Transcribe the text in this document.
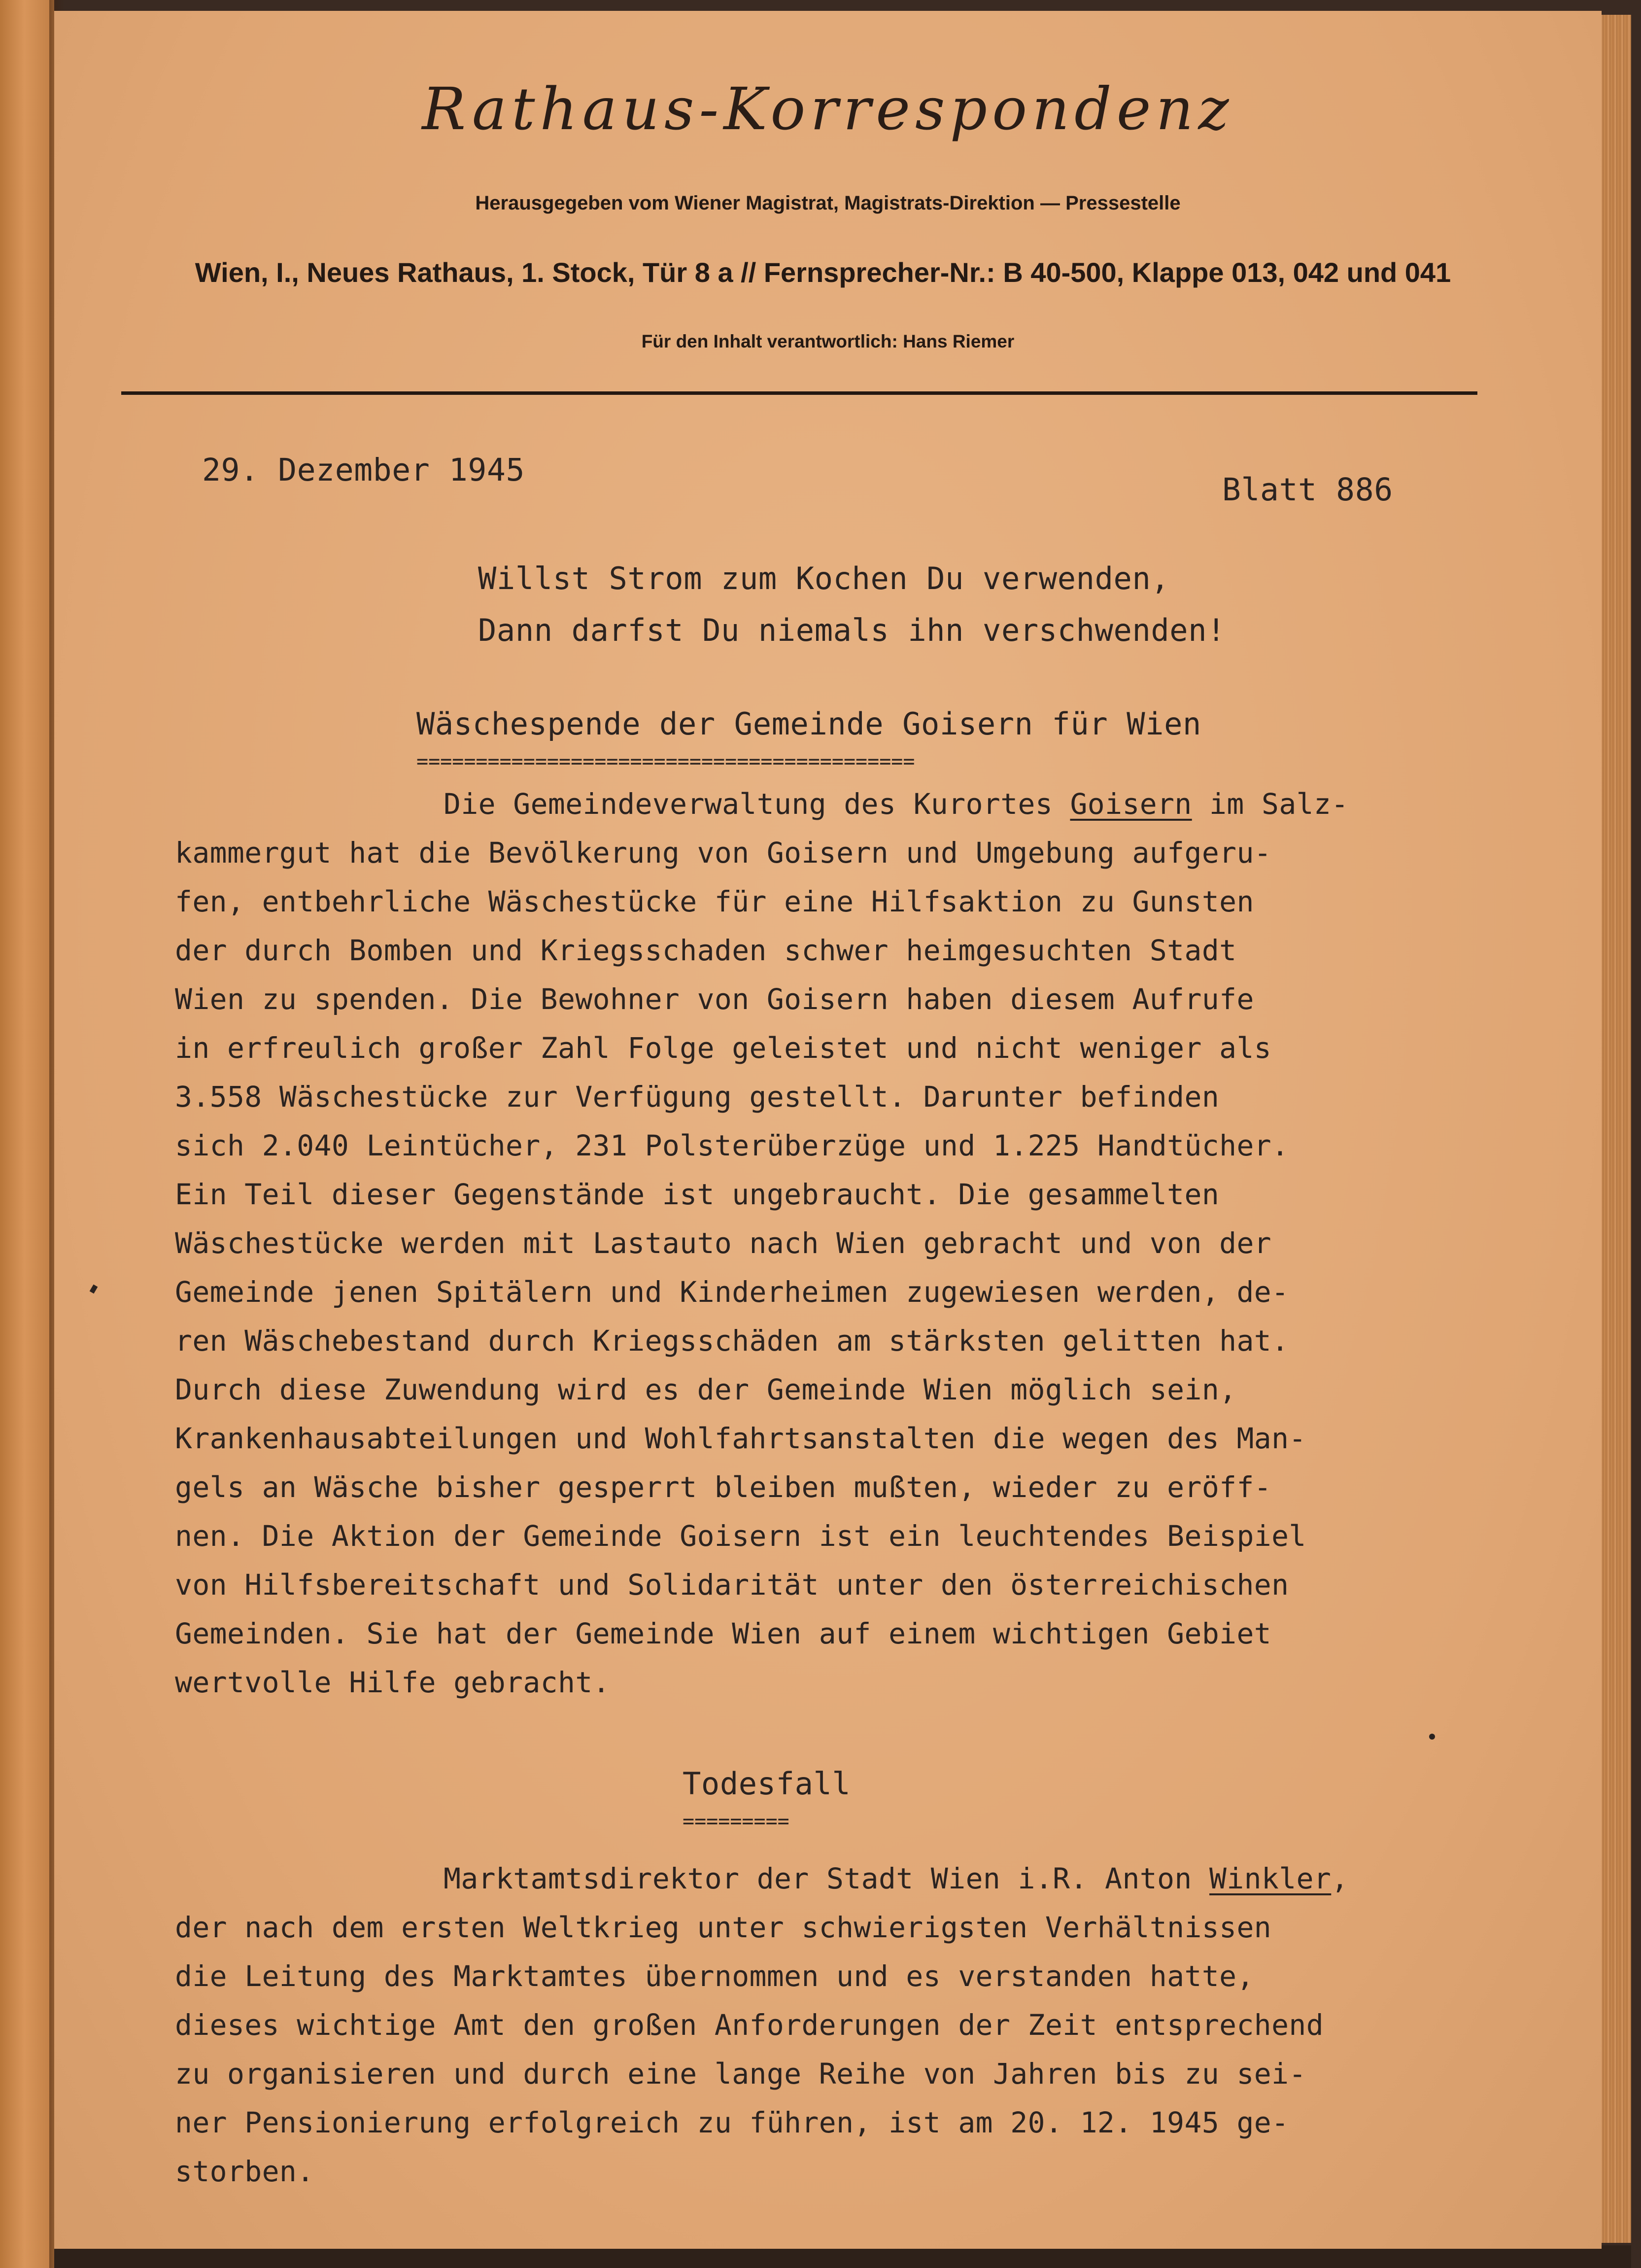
Rathaus-Korrespondenz
Herausgegeben vom Wiener Magistrat, Magistrats-Direktion — Pressestelle
Wien, I., Neues Rathaus, 1. Stock, Tür 8 a // Fernsprecher-Nr.: B 40-500, Klappe 013, 042 und 041
Für den Inhalt verantwortlich: Hans Riemer
29. Dezember 1945
Blatt 886
Willst Strom zum Kochen Du verwenden,
Dann darfst Du niemals ihn verschwenden!
Wäschespende der Gemeinde Goisern für Wien
==========================================
Die Gemeindeverwaltung des Kurortes Goisern im Salz-
kammergut hat die Bevölkerung von Goisern und Umgebung aufgeru-
fen, entbehrliche Wäschestücke für eine Hilfsaktion zu Gunsten
der durch Bomben und Kriegsschaden schwer heimgesuchten Stadt
Wien zu spenden. Die Bewohner von Goisern haben diesem Aufrufe
in erfreulich großer Zahl Folge geleistet und nicht weniger als
3.558 Wäschestücke zur Verfügung gestellt. Darunter befinden
sich 2.040 Leintücher, 231 Polsterüberzüge und 1.225 Handtücher.
Ein Teil dieser Gegenstände ist ungebraucht. Die gesammelten
Wäschestücke werden mit Lastauto nach Wien gebracht und von der
Gemeinde jenen Spitälern und Kinderheimen zugewiesen werden, de-
ren Wäschebestand durch Kriegsschäden am stärksten gelitten hat.
Durch diese Zuwendung wird es der Gemeinde Wien möglich sein,
Krankenhausabteilungen und Wohlfahrtsanstalten die wegen des Man-
gels an Wäsche bisher gesperrt bleiben mußten, wieder zu eröff-
nen. Die Aktion der Gemeinde Goisern ist ein leuchtendes Beispiel
von Hilfsbereitschaft und Solidarität unter den österreichischen
Gemeinden. Sie hat der Gemeinde Wien auf einem wichtigen Gebiet
wertvolle Hilfe gebracht.
Todesfall
=========
Marktamtsdirektor der Stadt Wien i.R. Anton Winkler,
der nach dem ersten Weltkrieg unter schwierigsten Verhältnissen
die Leitung des Marktamtes übernommen und es verstanden hatte,
dieses wichtige Amt den großen Anforderungen der Zeit entsprechend
zu organisieren und durch eine lange Reihe von Jahren bis zu sei-
ner Pensionierung erfolgreich zu führen, ist am 20. 12. 1945 ge-
storben.
